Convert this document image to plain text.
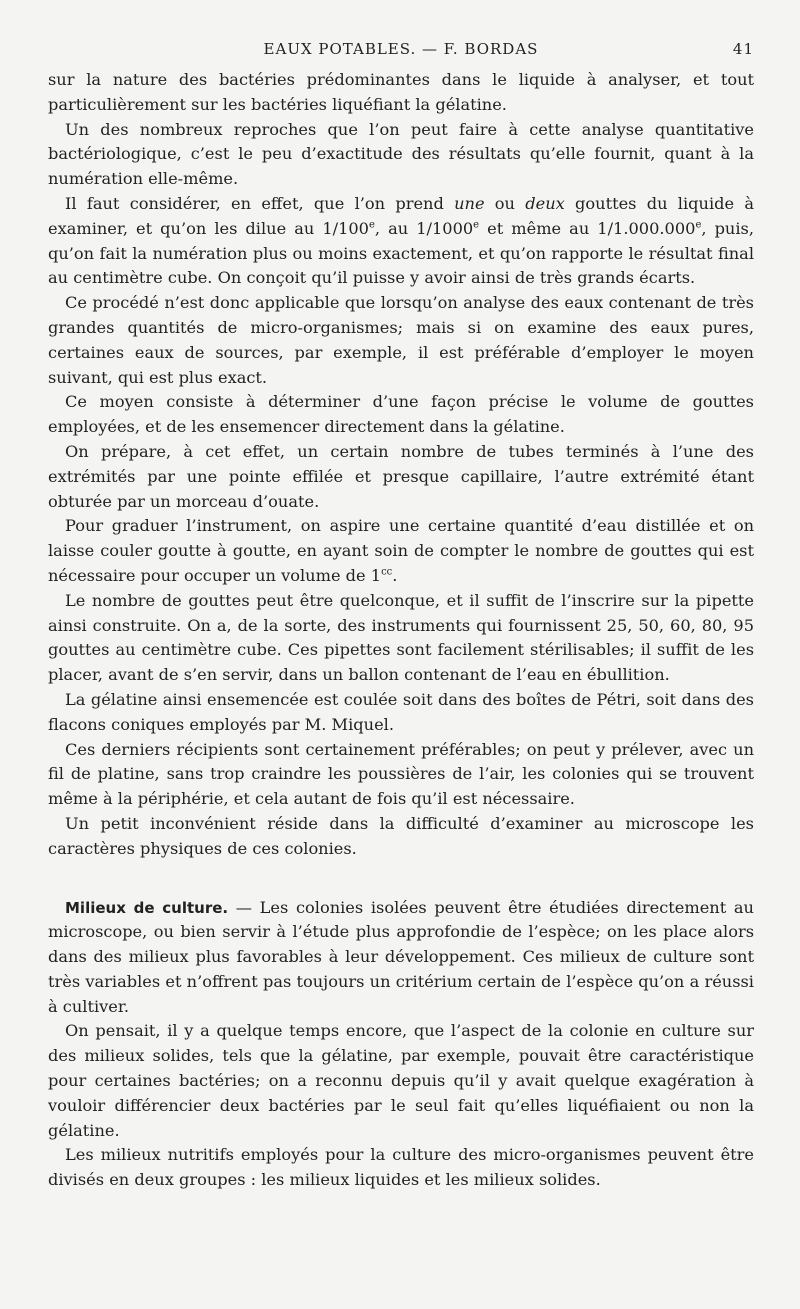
EAUX POTABLES. — F. BORDAS	41

sur la nature des bactéries prédominantes dans le liquide à analyser, et tout particulièrement sur les bactéries liquéfiant la gélatine.

Un des nombreux reproches que l’on peut faire à cette analyse quantitative bactériologique, c’est le peu d’exactitude des résultats qu’elle fournit, quant à la numération elle-même.

Il faut considérer, en effet, que l’on prend une ou deux gouttes du liquide à examiner, et qu’on les dilue au 1/100e, au 1/1000e et même au 1/1.000.000e, puis, qu’on fait la numération plus ou moins exactement, et qu’on rapporte le résultat final au centimètre cube. On conçoit qu’il puisse y avoir ainsi de très grands écarts.

Ce procédé n’est donc applicable que lorsqu’on analyse des eaux contenant de très grandes quantités de micro-organismes; mais si on examine des eaux pures, certaines eaux de sources, par exemple, il est préférable d’employer le moyen suivant, qui est plus exact.

Ce moyen consiste à déterminer d’une façon précise le volume de gouttes employées, et de les ensemencer directement dans la gélatine.

On prépare, à cet effet, un certain nombre de tubes terminés à l’une des extrémités par une pointe effilée et presque capillaire, l’autre extrémité étant obturée par un morceau d’ouate.

Pour graduer l’instrument, on aspire une certaine quantité d’eau distillée et on laisse couler goutte à goutte, en ayant soin de compter le nombre de gouttes qui est nécessaire pour occuper un volume de $1^{cc}$.

Le nombre de gouttes peut être quelconque, et il suffit de l’inscrire sur la pipette ainsi construite. On a, de la sorte, des instruments qui fournissent 25, 50, 60, 80, 95 gouttes au centimètre cube. Ces pipettes sont facilement stérilisables; il suffit de les placer, avant de s’en servir, dans un ballon contenant de l’eau en ébullition.

La gélatine ainsi ensemencée est coulée soit dans des boîtes de Pétri, soit dans des flacons coniques employés par M. Miquel.

Ces derniers récipients sont certainement préférables; on peut y prélever, avec un fil de platine, sans trop craindre les poussières de l’air, les colonies qui se trouvent même à la périphérie, et cela autant de fois qu’il est nécessaire.

Un petit inconvénient réside dans la difficulté d’examiner au microscope les caractères physiques de ces colonies.

Milieux de culture. — Les colonies isolées peuvent être étudiées directement au microscope, ou bien servir à l’étude plus approfondie de l’espèce; on les place alors dans des milieux plus favorables à leur développement. Ces milieux de culture sont très variables et n’offrent pas toujours un critérium certain de l’espèce qu’on a réussi à cultiver.

On pensait, il y a quelque temps encore, que l’aspect de la colonie en culture sur des milieux solides, tels que la gélatine, par exemple, pouvait être caractéristique pour certaines bactéries; on a reconnu depuis qu’il y avait quelque exagération à vouloir différencier deux bactéries par le seul fait qu’elles liquéfiaient ou non la gélatine.

Les milieux nutritifs employés pour la culture des micro-organismes peuvent être divisés en deux groupes : les milieux liquides et les milieux solides.
